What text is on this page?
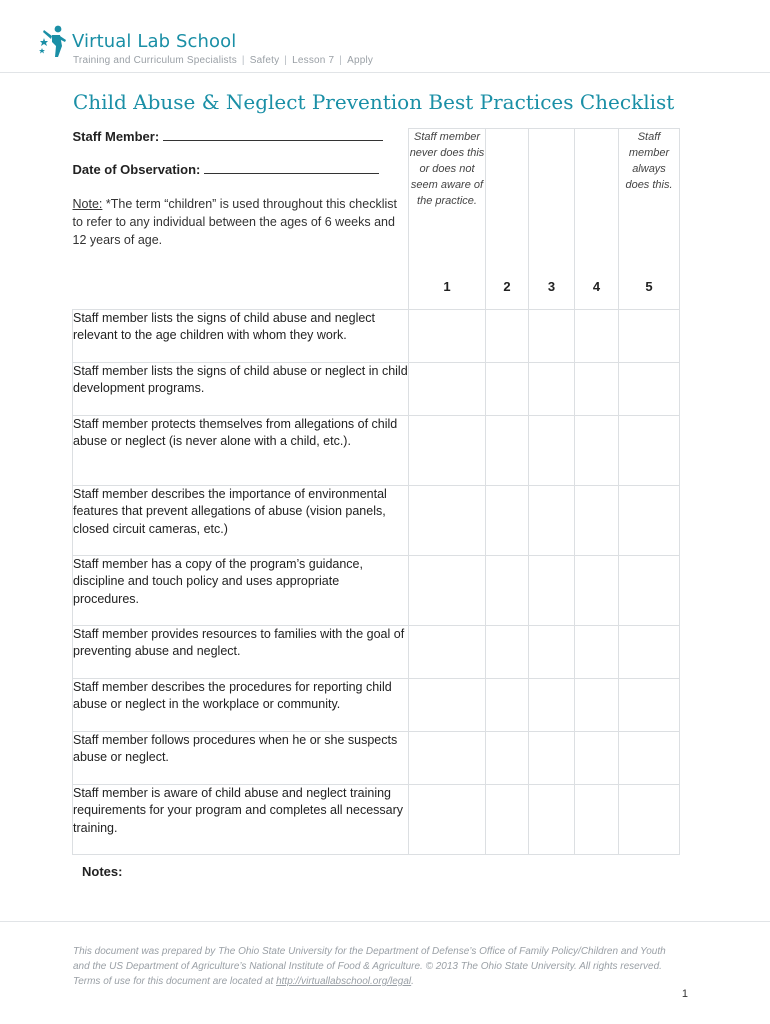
Virtual Lab School
Training and Curriculum Specialists | Safety | Lesson 7 | Apply
Child Abuse & Neglect Prevention Best Practices Checklist
Staff Member:
Date of Observation:
Note: *The term “children” is used throughout this checklist to refer to any individual between the ages of 6 weeks and 12 years of age.	Staff member never does this or does not seem aware of the practice.				Staff member always does this.
	1	2	3	4	5
Staff member lists the signs of child abuse and neglect relevant to the age children with whom they work.					
Staff member lists the signs of child abuse or neglect in child development programs.					
Staff member protects themselves from allegations of child abuse or neglect (is never alone with a child, etc.).					
Staff member describes the importance of environmental features that prevent allegations of abuse (vision panels, closed circuit cameras, etc.)					
Staff member has a copy of the program’s guidance, discipline and touch policy and uses appropriate procedures.					
Staff member provides resources to families with the goal of preventing abuse and neglect.					
Staff member describes the procedures for reporting child abuse or neglect in the workplace or community.					
Staff member follows procedures when he or she suspects abuse or neglect.					
Staff member is aware of child abuse and neglect training requirements for your program and completes all necessary training.					
Notes:
This document was prepared by The Ohio State University for the Department of Defense’s Office of Family Policy/Children and Youth and the US Department of Agriculture’s National Institute of Food & Agriculture. © 2013 The Ohio State University. All rights reserved. Terms of use for this document are located at http://virtuallabschool.org/legal.
1
